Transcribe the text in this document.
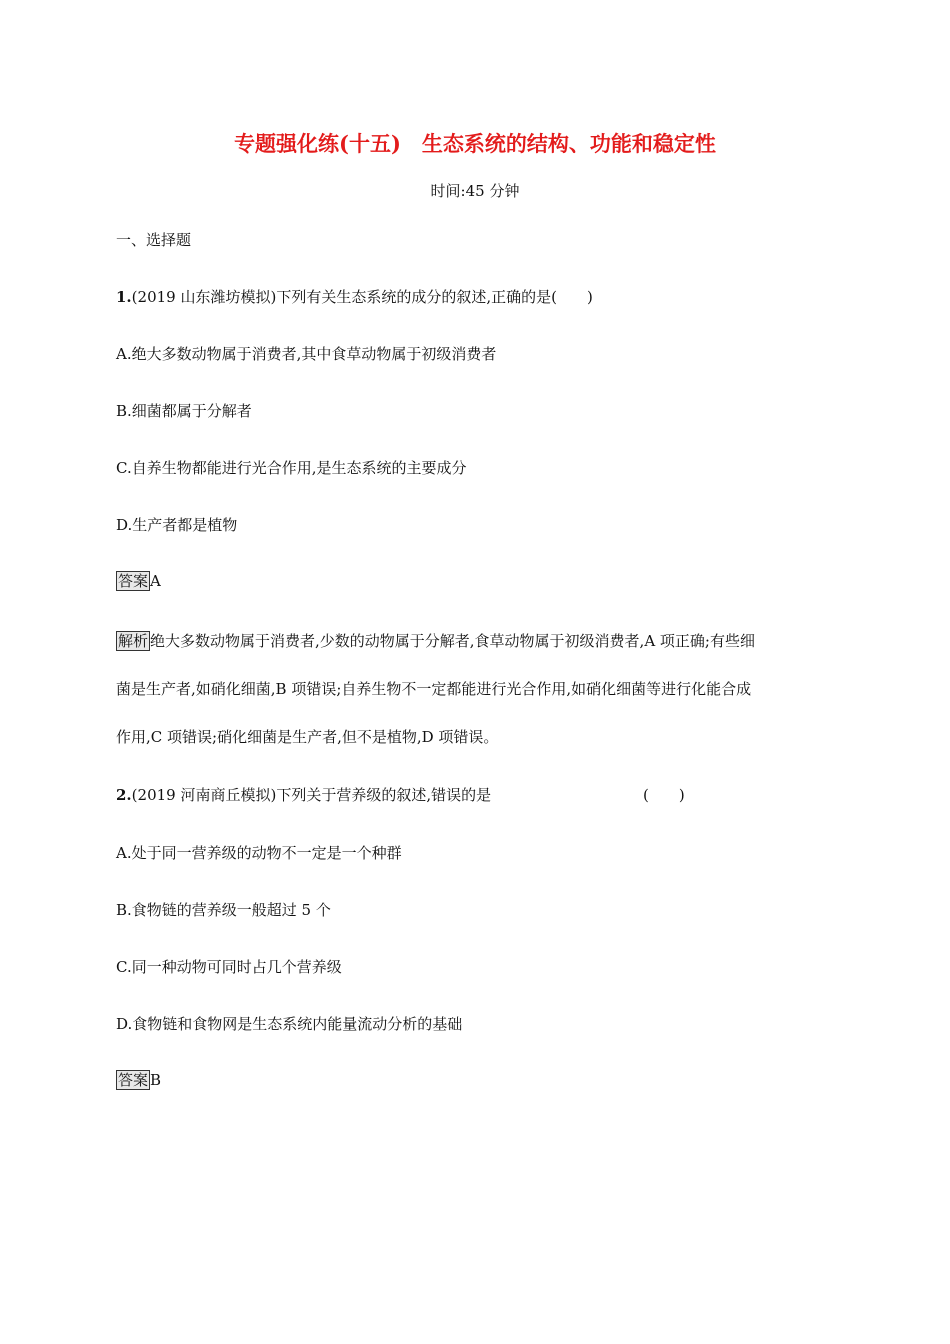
专题强化练(十五)　生态系统的结构、功能和稳定性
时间:45 分钟
一、选择题
1.(2019 山东潍坊模拟)下列有关生态系统的成分的叙述,正确的是(　　)
A.绝大多数动物属于消费者,其中食草动物属于初级消费者
B.细菌都属于分解者
C.自养生物都能进行光合作用,是生态系统的主要成分
D.生产者都是植物
答案 A
解析 绝大多数动物属于消费者,少数的动物属于分解者,食草动物属于初级消费者,A 项正确;有些细
菌是生产者,如硝化细菌,B 项错误;自养生物不一定都能进行光合作用,如硝化细菌等进行化能合成
作用,C 项错误;硝化细菌是生产者,但不是植物,D 项错误。
2.(2019 河南商丘模拟)下列关于营养级的叙述,错误的是	(　　)
A.处于同一营养级的动物不一定是一个种群
B.食物链的营养级一般超过 5 个
C.同一种动物可同时占几个营养级
D.食物链和食物网是生态系统内能量流动分析的基础
答案 B
